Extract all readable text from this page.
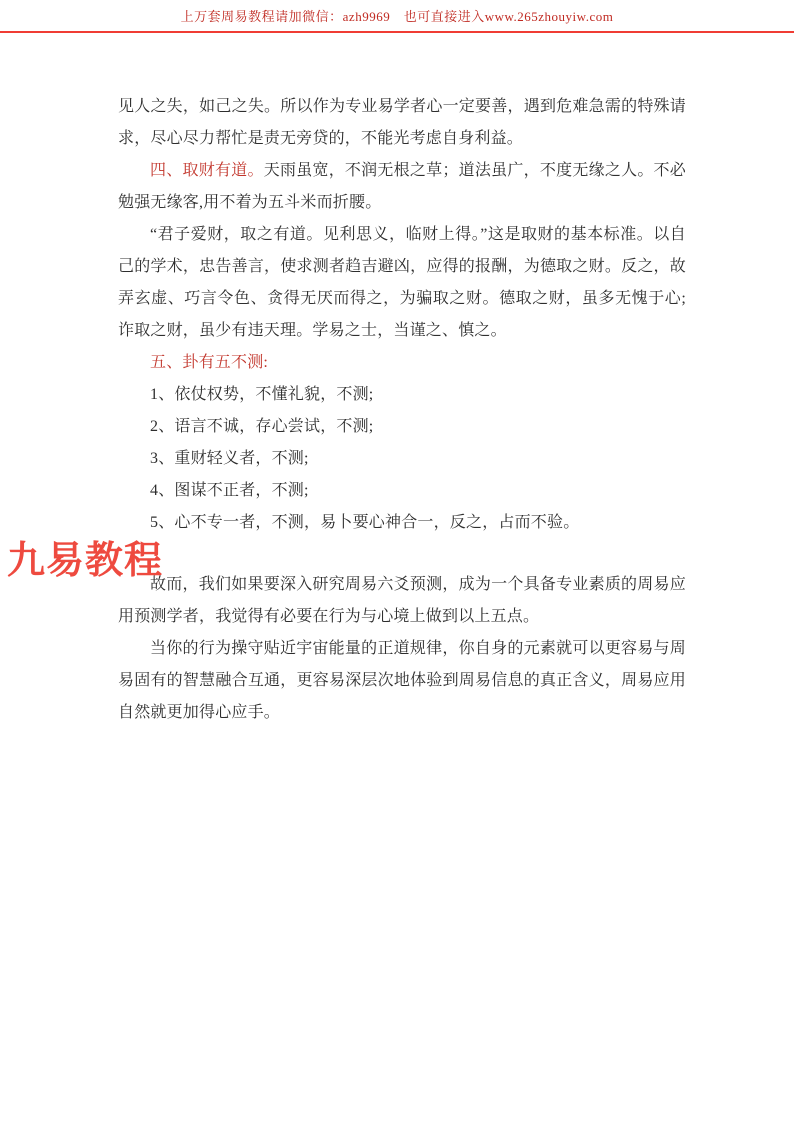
上万套周易教程请加微信：azh9969　也可直接进入www.265zhouyiw.com

见人之失，如己之失。所以作为专业易学者心一定要善，遇到危难急需的特殊请求，尽心尽力帮忙是责无旁贷的，不能光考虑自身利益。

四、取财有道。天雨虽宽，不润无根之草；道法虽广，不度无缘之人。不必勉强无缘客,用不着为五斗米而折腰。

“君子爱财，取之有道。见利思义，临财上得。”这是取财的基本标准。以自己的学术，忠告善言，使求测者趋吉避凶，应得的报酬，为德取之财。反之，故弄玄虚、巧言令色、贪得无厌而得之，为骗取之财。德取之财，虽多无愧于心;诈取之财，虽少有违天理。学易之士，当谨之、慎之。

五、卦有五不测:

1、依仗权势，不懂礼貌，不测;

2、语言不诚，存心尝试，不测;

3、重财轻义者，不测;

4、图谋不正者，不测;

5、心不专一者，不测，易卜要心神合一，反之，占而不验。

故而，我们如果要深入研究周易六爻预测，成为一个具备专业素质的周易应用预测学者，我觉得有必要在行为与心境上做到以上五点。

当你的行为操守贴近宇宙能量的正道规律，你自身的元素就可以更容易与周易固有的智慧融合互通，更容易深层次地体验到周易信息的真正含义，周易应用自然就更加得心应手。

九易教程
